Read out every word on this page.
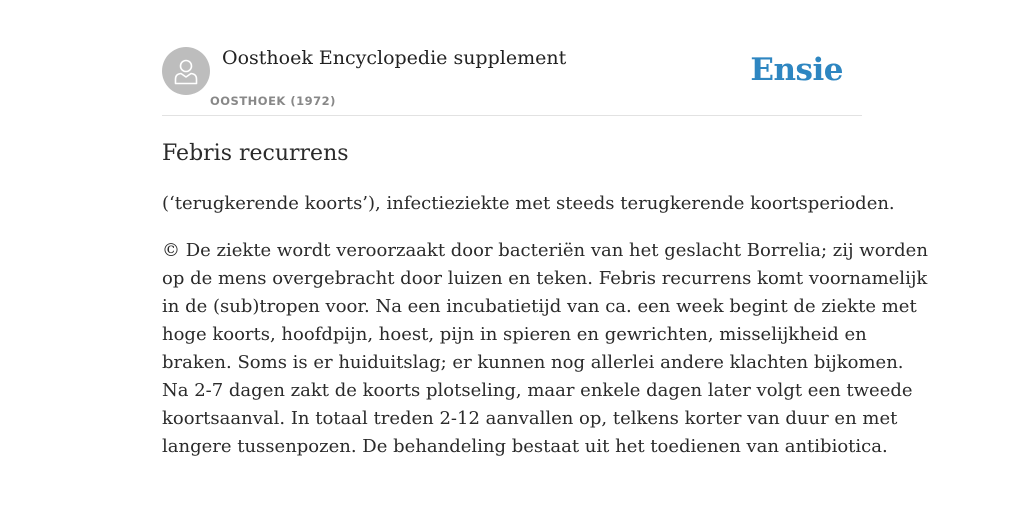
Oosthoek Encyclopedie supplement
OOSTHOEK (1972)
Ensie
Febris recurrens

(‘terugkerende koorts’), infectieziekte met steeds terugkerende koortsperioden.

© De ziekte wordt veroorzaakt door bacteriën van het geslacht Borrelia; zij worden
op de mens overgebracht door luizen en teken. Febris recurrens komt voornamelijk
in de (sub)tropen voor. Na een incubatietijd van ca. een week begint de ziekte met
hoge koorts, hoofdpijn, hoest, pijn in spieren en gewrichten, misselijkheid en
braken. Soms is er huiduitslag; er kunnen nog allerlei andere klachten bijkomen.
Na 2-7 dagen zakt de koorts plotseling, maar enkele dagen later volgt een tweede
koortsaanval. In totaal treden 2-12 aanvallen op, telkens korter van duur en met
langere tussenpozen. De behandeling bestaat uit het toedienen van antibiotica.
